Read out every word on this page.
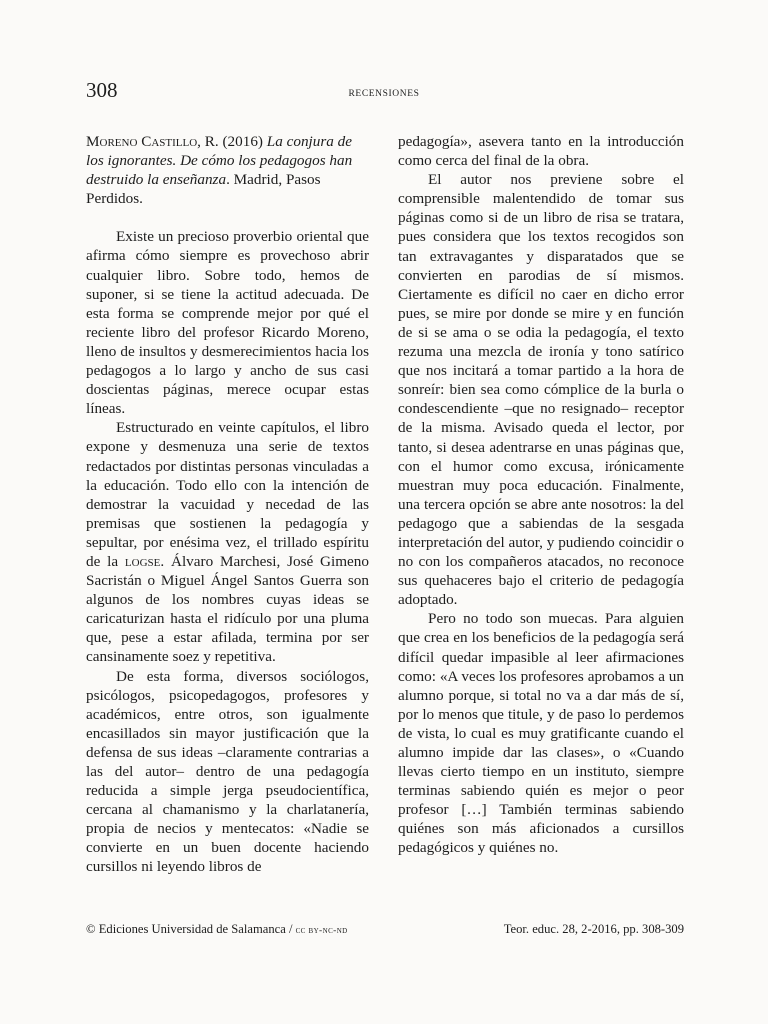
308	RECENSIONES

Moreno Castillo, R. (2016) La conjura de los ignorantes. De cómo los pedagogos han destruido la enseñanza. Madrid, Pasos Perdidos.

Existe un precioso proverbio oriental que afirma cómo siempre es provechoso abrir cualquier libro. Sobre todo, hemos de suponer, si se tiene la actitud adecuada. De esta forma se comprende mejor por qué el reciente libro del profesor Ricardo Moreno, lleno de insultos y desmerecimientos hacia los pedagogos a lo largo y ancho de sus casi doscientas páginas, merece ocupar estas líneas.

Estructurado en veinte capítulos, el libro expone y desmenuza una serie de textos redactados por distintas personas vinculadas a la educación. Todo ello con la intención de demostrar la vacuidad y necedad de las premisas que sostienen la pedagogía y sepultar, por enésima vez, el trillado espíritu de la logse. Álvaro Marchesi, José Gimeno Sacristán o Miguel Ángel Santos Guerra son algunos de los nombres cuyas ideas se caricaturizan hasta el ridículo por una pluma que, pese a estar afilada, termina por ser cansinamente soez y repetitiva.

De esta forma, diversos sociólogos, psicólogos, psicopedagogos, profesores y académicos, entre otros, son igualmente encasillados sin mayor justificación que la defensa de sus ideas –claramente contrarias a las del autor– dentro de una pedagogía reducida a simple jerga pseudocientífica, cercana al chamanismo y la charlatanería, propia de necios y mentecatos: «Nadie se convierte en un buen docente haciendo cursillos ni leyendo libros de

pedagogía», asevera tanto en la introducción como cerca del final de la obra.

El autor nos previene sobre el comprensible malentendido de tomar sus páginas como si de un libro de risa se tratara, pues considera que los textos recogidos son tan extravagantes y disparatados que se convierten en parodias de sí mismos. Ciertamente es difícil no caer en dicho error pues, se mire por donde se mire y en función de si se ama o se odia la pedagogía, el texto rezuma una mezcla de ironía y tono satírico que nos incitará a tomar partido a la hora de sonreír: bien sea como cómplice de la burla o condescendiente –que no resignado– receptor de la misma. Avisado queda el lector, por tanto, si desea adentrarse en unas páginas que, con el humor como excusa, irónicamente muestran muy poca educación. Finalmente, una tercera opción se abre ante nosotros: la del pedagogo que a sabiendas de la sesgada interpretación del autor, y pudiendo coincidir o no con los compañeros atacados, no reconoce sus quehaceres bajo el criterio de pedagogía adoptado.

Pero no todo son muecas. Para alguien que crea en los beneficios de la pedagogía será difícil quedar impasible al leer afirmaciones como: «A veces los profesores aprobamos a un alumno porque, si total no va a dar más de sí, por lo menos que titule, y de paso lo perdemos de vista, lo cual es muy gratificante cuando el alumno impide dar las clases», o «Cuando llevas cierto tiempo en un instituto, siempre terminas sabiendo quién es mejor o peor profesor […] También terminas sabiendo quiénes son más aficionados a cursillos pedagógicos y quiénes no.

© Ediciones Universidad de Salamanca / cc by-nc-nd	Teor. educ. 28, 2-2016, pp. 308-309
